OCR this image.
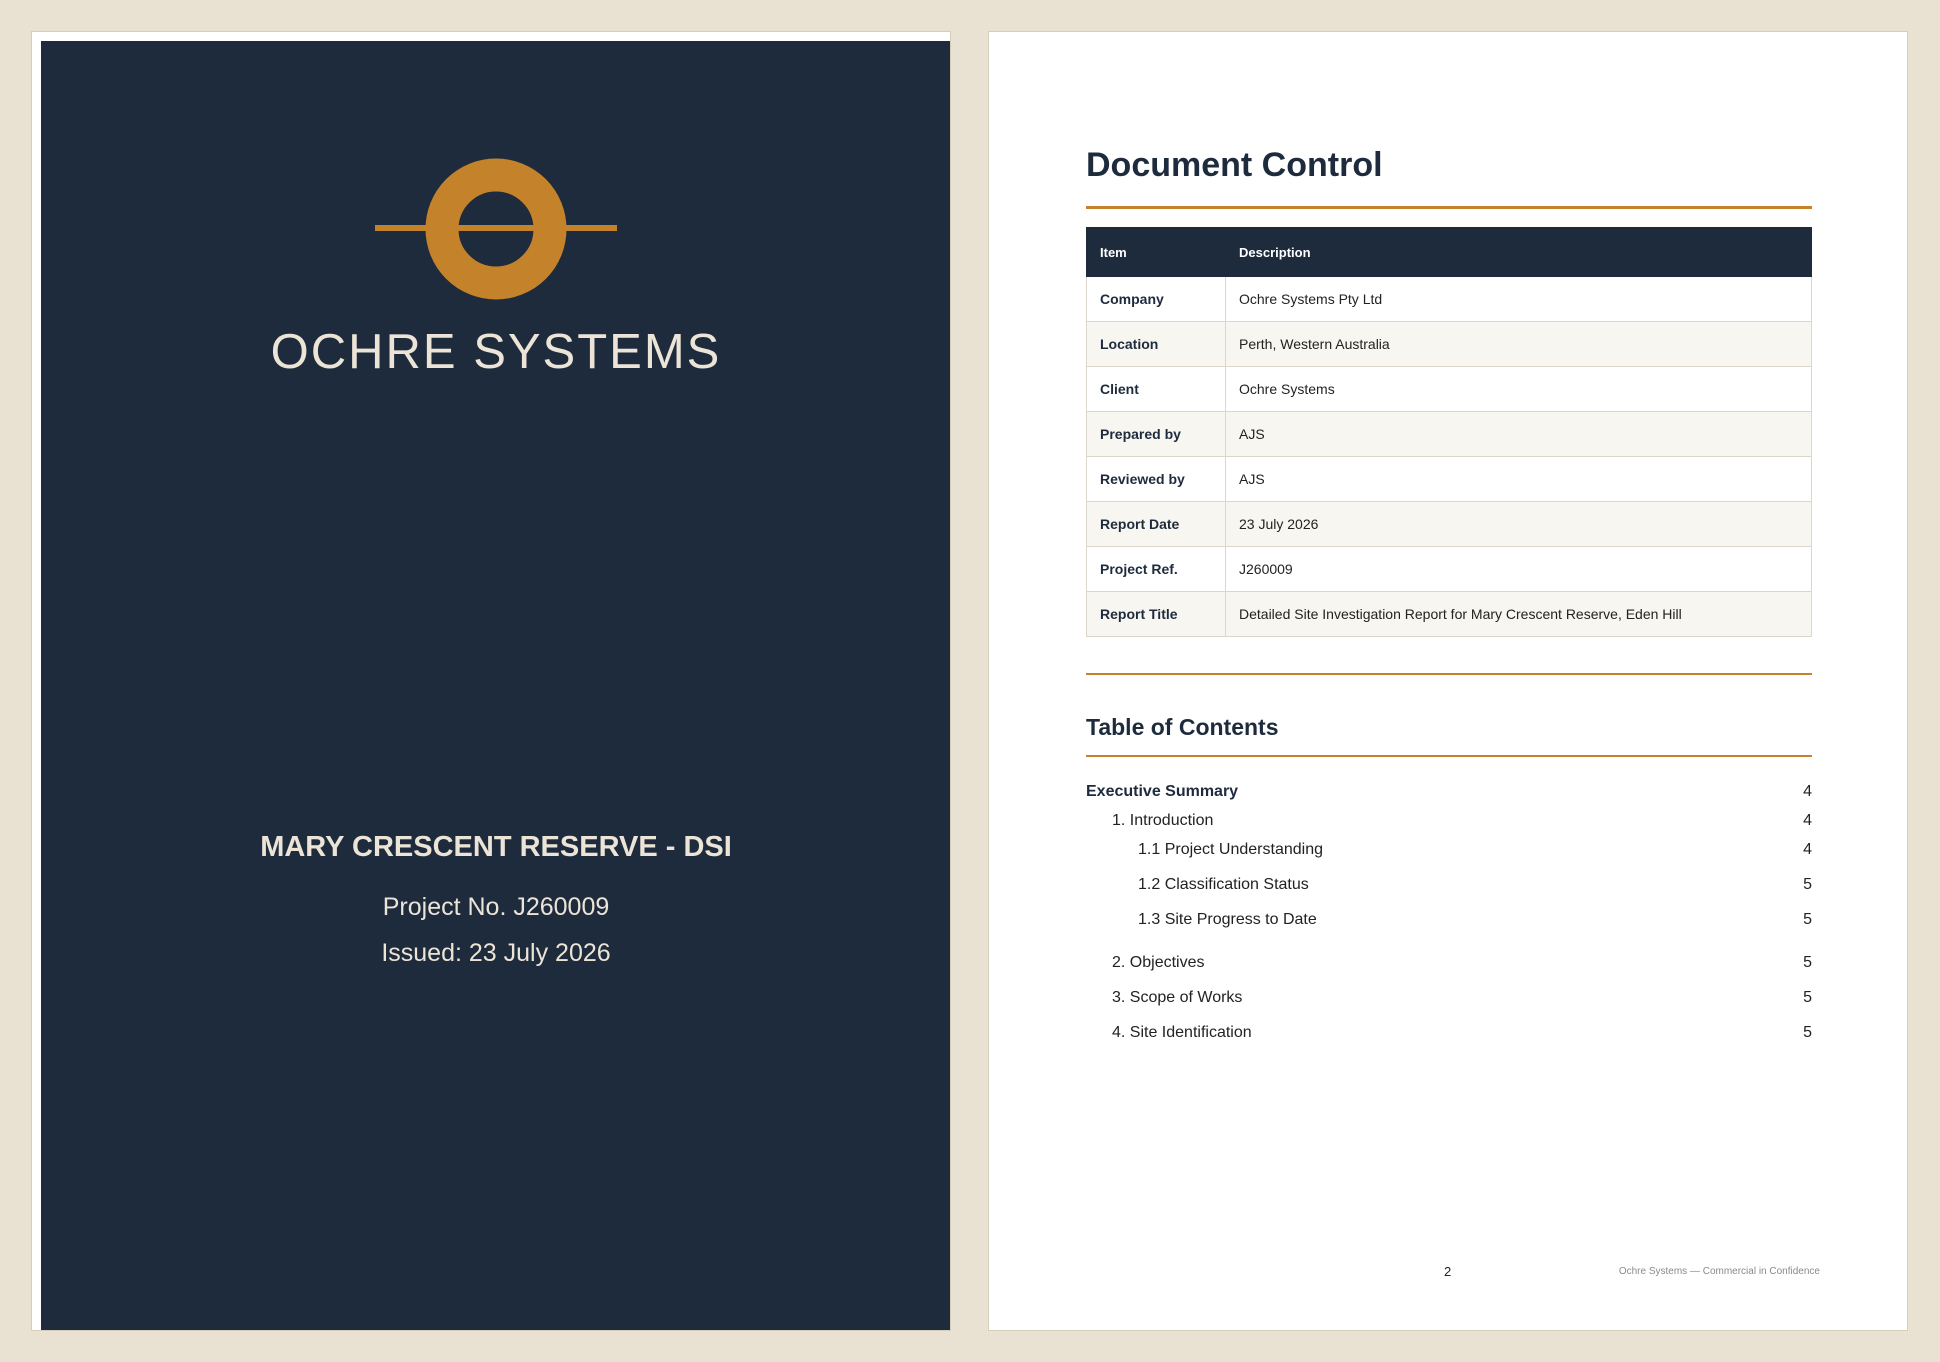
OCHRE SYSTEMS
MARY CRESCENT RESERVE - DSI
Project No. J260009
Issued: 23 July 2026
Document Control
Item	Description
Company	Ochre Systems Pty Ltd
Location	Perth, Western Australia
Client	Ochre Systems
Prepared by	AJS
Reviewed by	AJS
Report Date	23 July 2026
Project Ref.	J260009
Report Title	Detailed Site Investigation Report for Mary Crescent Reserve, Eden Hill
Table of Contents
Executive Summary	4
1. Introduction	4
1.1 Project Understanding	4
1.2 Classification Status	5
1.3 Site Progress to Date	5
2. Objectives	5
3. Scope of Works	5
4. Site Identification	5
2	Ochre Systems — Commercial in Confidence
